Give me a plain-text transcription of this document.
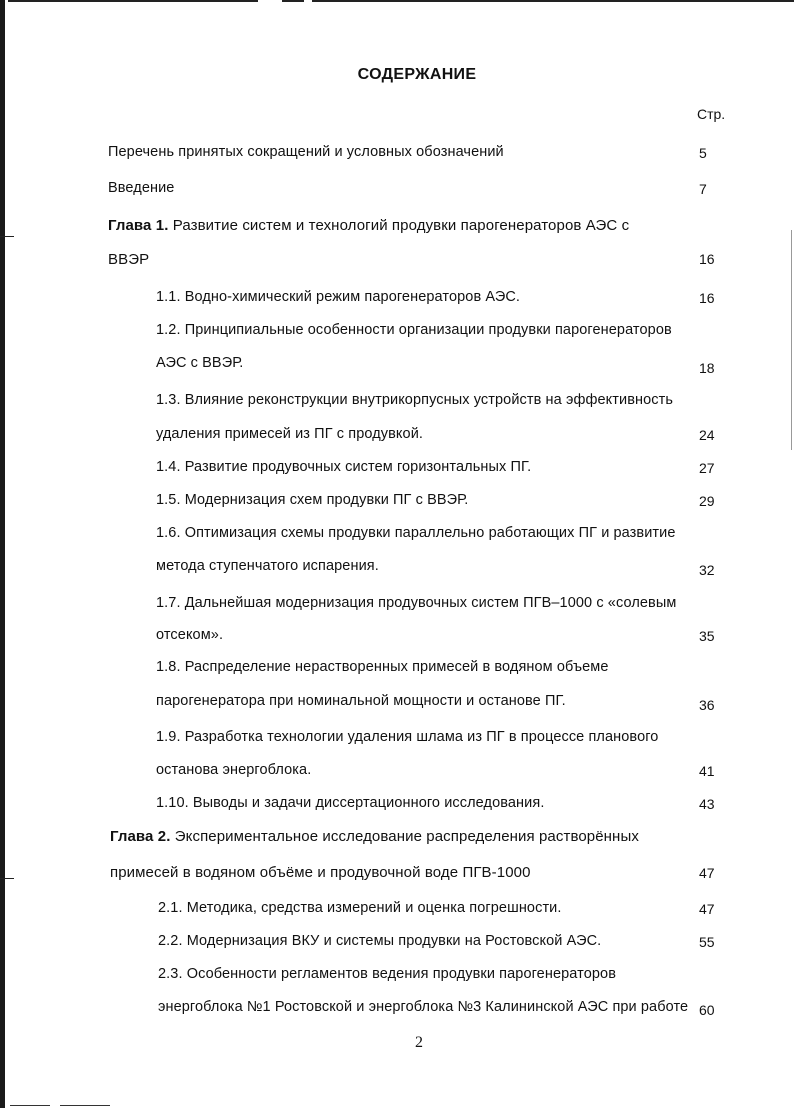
СОДЕРЖАНИЕ
Стр.
Перечень принятых сокращений и условных обозначений	5
Введение	7
Глава 1. Развитие систем и технологий продувки парогенераторов АЭС с
ВВЭР	16
1.1. Водно-химический режим парогенераторов АЭС.	16
1.2. Принципиальные особенности организации продувки парогенераторов
АЭС с ВВЭР.	18
1.3. Влияние реконструкции внутрикорпусных устройств на эффективность
удаления примесей из ПГ с продувкой.	24
1.4. Развитие продувочных систем горизонтальных ПГ.	27
1.5. Модернизация схем продувки ПГ с ВВЭР.	29
1.6. Оптимизация схемы продувки параллельно работающих ПГ и развитие
метода ступенчатого испарения.	32
1.7. Дальнейшая модернизация продувочных систем ПГВ–1000 с «солевым
отсеком».	35
1.8. Распределение нерастворенных примесей в водяном объеме
парогенератора при номинальной мощности и останове ПГ.	36
1.9. Разработка технологии удаления шлама из ПГ в процессе планового
останова энергоблока.	41
1.10. Выводы и задачи диссертационного исследования.	43
Глава 2. Экспериментальное исследование распределения растворённых
примесей в водяном объёме и продувочной воде ПГВ-1000	47
2.1. Методика, средства измерений и оценка погрешности.	47
2.2. Модернизация ВКУ и системы продувки на Ростовской АЭС.	55
2.3. Особенности регламентов ведения продувки парогенераторов
энергоблока №1 Ростовской и энергоблока №3 Калининской АЭС при работе 60
2
